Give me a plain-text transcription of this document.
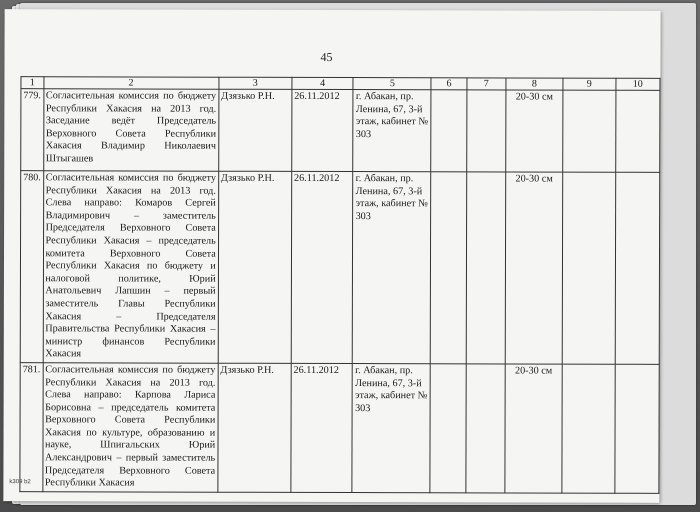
45
1	2	3	4	5	6	7	8	9	10
779.	Согласительная комиссия по бюджету Республики Хакасия на 2013 год. Заседание ведёт Председатель Верховного Совета Республики Хакасия Владимир Николаевич Штыгашев	Дзязько Р.Н.	26.11.2012	г. Абакан, пр. Ленина, 67, 3-й этаж, кабинет № 303			20-30 см		
780.	Согласительная комиссия по бюджету Республики Хакасия на 2013 год. Слева направо: Комаров Сергей Владимирович – заместитель Председателя Верховного Совета Республики Хакасия – председатель комитета Верховного Совета Республики Хакасия по бюджету и налоговой политике, Юрий Анатольевич Лапшин – первый заместитель Главы Республики Хакасия – Председателя Правительства Республики Хакасия – министр финансов Республики Хакасия	Дзязько Р.Н.	26.11.2012	г. Абакан, пр. Ленина, 67, 3-й этаж, кабинет № 303			20-30 см		
781.	Согласительная комиссия по бюджету Республики Хакасия на 2013 год. Слева направо: Карпова Лариса Борисовна – председатель комитета Верховного Совета Республики Хакасия по культуре, образованию и науке, Шпигальских Юрий Александрович – первый заместитель Председателя Верховного Совета Республики Хакасия	Дзязько Р.Н.	26.11.2012	г. Абакан, пр. Ленина, 67, 3-й этаж, кабинет № 303			20-30 см		
k309 b2
